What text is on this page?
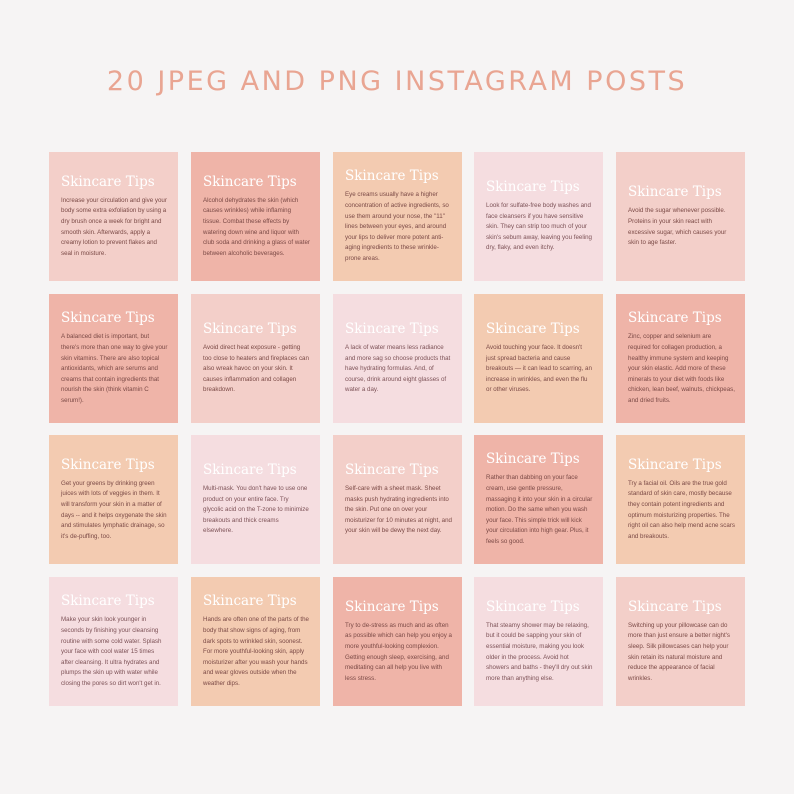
20 JPEG AND PNG INSTAGRAM POSTS
Skincare Tips

Increase your circulation and give your body some extra exfoliation by using a dry brush once a week for bright and smooth skin. Afterwards, apply a creamy lotion to prevent flakes and seal in moisture.

Skincare Tips

Alcohol dehydrates the skin (which causes wrinkles) while inflaming tissue. Combat these effects by watering down wine and liquor with club soda and drinking a glass of water between alcoholic beverages.

Skincare Tips

Eye creams usually have a higher concentration of active ingredients, so use them around your nose, the "11" lines between your eyes, and around your lips to deliver more potent anti-aging ingredients to these wrinkle-prone areas.

Skincare Tips

Look for sulfate-free body washes and face cleansers if you have sensitive skin. They can strip too much of your skin's sebum away, leaving you feeling dry, flaky, and even itchy.

Skincare Tips

Avoid the sugar whenever possible. Proteins in your skin react with excessive sugar, which causes your skin to age faster.

Skincare Tips

A balanced diet is important, but there's more than one way to give your skin vitamins. There are also topical antioxidants, which are serums and creams that contain ingredients that nourish the skin (think vitamin C serum!).

Skincare Tips

Avoid direct heat exposure - getting too close to heaters and fireplaces can also wreak havoc on your skin. It causes inflammation and collagen breakdown.

Skincare Tips

A lack of water means less radiance and more sag so choose products that have hydrating formulas. And, of course, drink around eight glasses of water a day.

Skincare Tips

Avoid touching your face. It doesn't just spread bacteria and cause breakouts — it can lead to scarring, an increase in wrinkles, and even the flu or other viruses.

Skincare Tips

Zinc, copper and selenium are required for collagen production, a healthy immune system and keeping your skin elastic. Add more of these minerals to your diet with foods like chicken, lean beef, walnuts, chickpeas, and dried fruits.

Skincare Tips

Get your greens by drinking green juices with lots of veggies in them. It will transform your skin in a matter of days -- and it helps oxygenate the skin and stimulates lymphatic drainage, so it's de-puffing, too.

Skincare Tips

Multi-mask. You don't have to use one product on your entire face. Try glycolic acid on the T-zone to minimize breakouts and thick creams elsewhere.

Skincare Tips

Self-care with a sheet mask. Sheet masks push hydrating ingredients into the skin. Put one on over your moisturizer for 10 minutes at night, and your skin will be dewy the next day.

Skincare Tips

Rather than dabbing on your face cream, use gentle pressure, massaging it into your skin in a circular motion. Do the same when you wash your face. This simple trick will kick your circulation into high gear. Plus, it feels so good.

Skincare Tips

Try a facial oil. Oils are the true gold standard of skin care, mostly because they contain potent ingredients and optimum moisturizing properties. The right oil can also help mend acne scars and breakouts.

Skincare Tips

Make your skin look younger in seconds by finishing your cleansing routine with some cold water. Splash your face with cool water 15 times after cleansing. It ultra hydrates and plumps the skin up with water while closing the pores so dirt won't get in.

Skincare Tips

Hands are often one of the parts of the body that show signs of aging, from dark spots to wrinkled skin, soonest. For more youthful-looking skin, apply moisturizer after you wash your hands and wear gloves outside when the weather dips.

Skincare Tips

Try to de-stress as much and as often as possible which can help you enjoy a more youthful-looking complexion. Getting enough sleep, exercising, and meditating can all help you live with less stress.

Skincare Tips

That steamy shower may be relaxing, but it could be sapping your skin of essential moisture, making you look older in the process. Avoid hot showers and baths - they'll dry out skin more than anything else.

Skincare Tips

Switching up your pillowcase can do more than just ensure a better night's sleep. Silk pillowcases can help your skin retain its natural moisture and reduce the appearance of facial wrinkles.
